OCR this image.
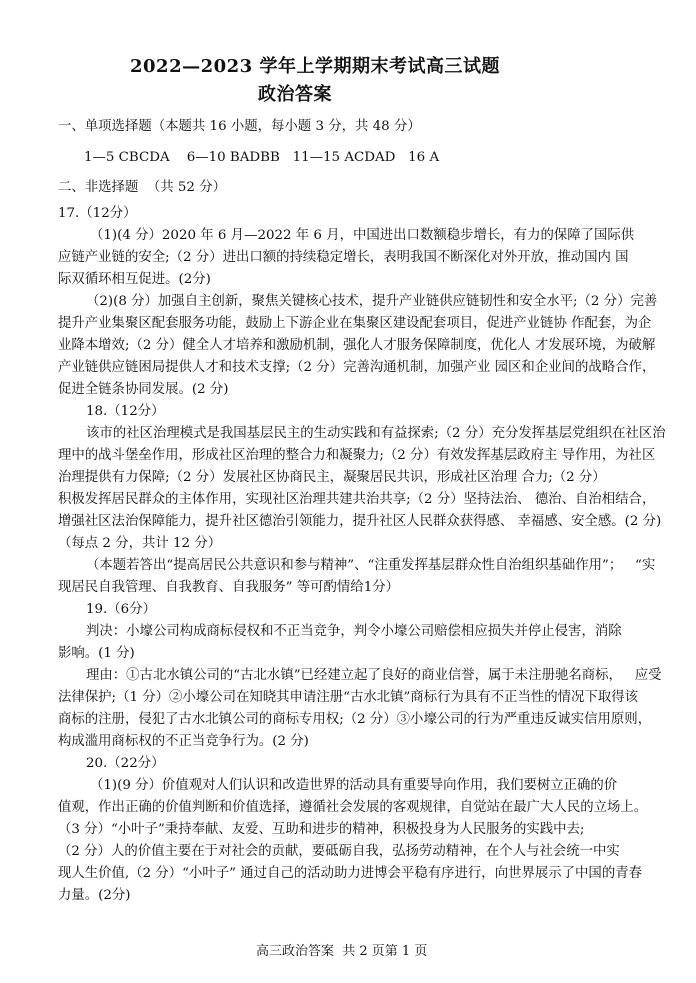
2022—2023 学年上学期期末考试高三试题
政治答案
一、单项选择题（本题共 16 小题，每小题 3 分，共 48 分）
1—5 CBCDA    6—10 BADBB   11—15 ACDAD   16 A
二、非选择题  （共 52 分）
17.（12分）
（1)(4 分）2020 年 6 月—2022 年 6 月，中国进出口数额稳步增长，有力的保障了国际供
应链产业链的安全;（2 分）进出口额的持续稳定增长，表明我国不断深化对外开放，推动国内 国
际双循环相互促进。(2分)
（2)(8 分）加强自主创新，聚焦关键核心技术，提升产业链供应链韧性和安全水平;（2 分）完善
提升产业集聚区配套服务功能，鼓励上下游企业在集聚区建设配套项目，促进产业链协 作配套，为企
业降本增效;（2 分）健全人才培养和激励机制，强化人才服务保障制度，优化人 才发展环境，为破解
产业链供应链困局提供人才和技术支撑;（2 分）完善沟通机制，加强产业 园区和企业间的战略合作，
促进全链条协同发展。(2 分)
18.（12分）
该市的社区治理模式是我国基层民主的生动实践和有益探索;（2 分）充分发挥基层党组织在社区治
理中的战斗堡垒作用，形成社区治理的整合力和凝聚力;（2 分）有效发挥基层政府主 导作用，为社区
治理提供有力保障;（2 分）发展社区协商民主，凝聚居民共识，形成社区治理 合力;（2 分）
积极发挥居民群众的主体作用，实现社区治理共建共治共享;（2 分）坚持法治、 德治、自治相结合，
增强社区法治保障能力，提升社区德治引领能力，提升社区人民群众获得感、 幸福感、安全感。(2 分)
（每点 2 分，共计 12 分）
（本题若答出“提高居民公共意识和参与精神”、“注重发挥基层群众性自治组织基础作用”；   “实
现居民自我管理、自我教育、自我服务” 等可酌情给1分）
19.（6分）
判决：小壕公司构成商标侵权和不正当竞争，判令小壕公司赔偿相应损失并停止侵害，消除
影响。(1 分)
理由：①古北水镇公司的“古北水镇”已经建立起了良好的商业信誉，属于未注册驰名商标，   应受
法律保护;（1 分）②小壕公司在知晓其申请注册“古水北镇”商标行为具有不正当性的情况下取得该
商标的注册，侵犯了古水北镇公司的商标专用权;（2 分）③小壕公司的行为严重违反诚实信用原则，
构成滥用商标权的不正当竞争行为。(2 分)
20.（22分）
（1)(9 分）价值观对人们认识和改造世界的活动具有重要导向作用，我们要树立正确的价
值观，作出正确的价值判断和价值选择，遵循社会发展的客观规律，自觉站在最广大人民的立场上。
（3 分）“小叶子”秉持奉献、友爱、互助和进步的精神，积极投身为人民服务的实践中去;
（2 分）人的价值主要在于对社会的贡献，要砥砺自我，弘扬劳动精神，在个人与社会统一中实
现人生价值,（2 分）“小叶子” 通过自己的活动助力进博会平稳有序进行，向世界展示了中国的青春
力量。(2分)
高三政治答案  共 2 页第 1 页
